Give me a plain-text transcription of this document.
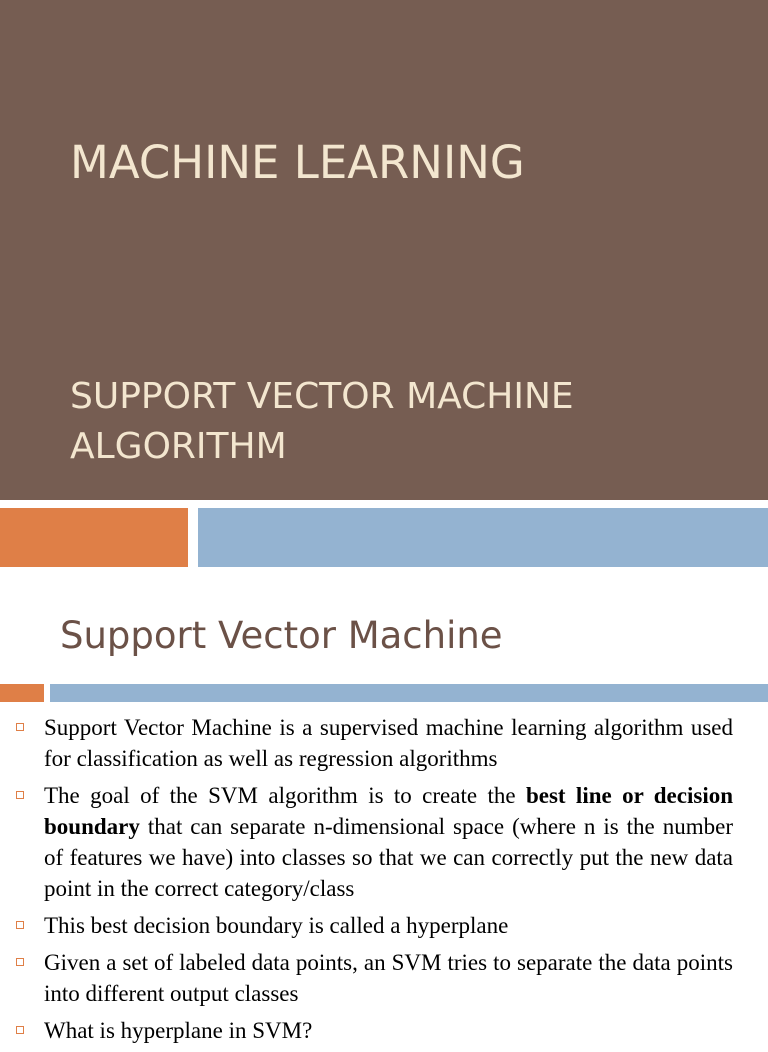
MACHINE LEARNING
SUPPORT VECTOR MACHINE ALGORITHM
Support Vector Machine
Support Vector Machine is a supervised machine learning algorithm used for classification as well as regression algorithms
The goal of the SVM algorithm is to create the best line or decision boundary that can separate n-dimensional space (where n is the number of features we have) into classes so that we can correctly put the new data point in the correct category/class
This best decision boundary is called a hyperplane
Given a set of labeled data points, an SVM tries to separate the data points into different output classes
What is hyperplane in SVM?
